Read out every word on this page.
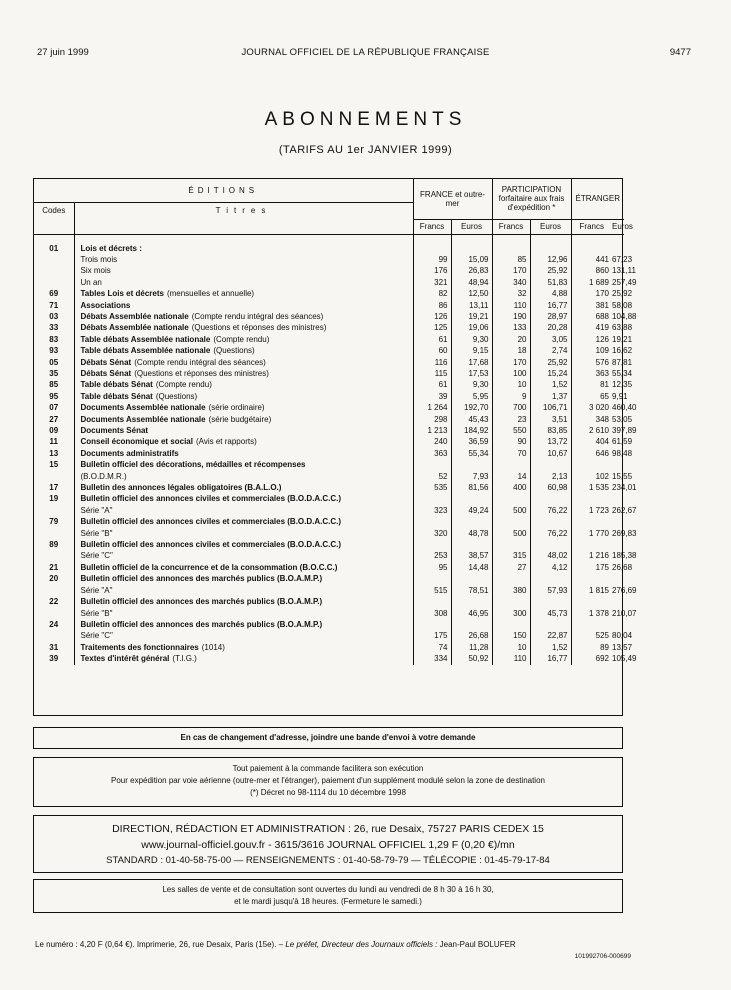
27 juin 1999	JOURNAL OFFICIEL DE LA RÉPUBLIQUE FRANÇAISE	9477
ABONNEMENTS
(TARIFS AU 1er JANVIER 1999)
ÉDITIONS		FRANCE et outre-mer		PARTICIPATION forfaitaire aux frais d'expédition *		ÉTRANGER		
Codes	Titres							
		Francs	Euros	Francs	Euros	Francs	Euros	
01	Lois et décrets :							
	Trois mois	99	15,09	85	12,96	441	67,23	
	Six mois	176	26,83	170	25,92	860	131,11	
	Un an	321	48,94	340	51,83	1 689	257,49	
69	Tables Lois et décrets (mensuelles et annuelle)	82	12,50	32	4,88	170	25,92	
71	Associations	86	13,11	110	16,77	381	58,08	
03	Débats Assemblée nationale (Compte rendu intégral des séances)	126	19,21	190	28,97	688	104,88	
33	Débats Assemblée nationale (Questions et réponses des ministres)	125	19,06	133	20,28	419	63,88	
83	Table débats Assemblée nationale (Compte rendu)	61	9,30	20	3,05	126	19,21	
93	Table débats Assemblée nationale (Questions)	60	9,15	18	2,74	109	16,62	
05	Débats Sénat (Compte rendu intégral des séances)	116	17,68	170	25,92	576	87,81	
35	Débats Sénat (Questions et réponses des ministres)	115	17,53	100	15,24	363	55,34	
85	Table débats Sénat (Compte rendu)	61	9,30	10	1,52	81	12,35	
95	Table débats Sénat (Questions)	39	5,95	9	1,37	65	9,91	
07	Documents Assemblée nationale (série ordinaire)	1 264	192,70	700	106,71	3 020	460,40	
27	Documents Assemblée nationale (série budgétaire)	298	45,43	23	3,51	348	53,05	
09	Documents Sénat	1 213	184,92	550	83,85	2 610	397,89	
11	Conseil économique et social (Avis et rapports)	240	36,59	90	13,72	404	61,59	
13	Documents administratifs	363	55,34	70	10,67	646	98,48	
15	Bulletin officiel des décorations, médailles et récompenses							
	(B.O.D.M.R.)	52	7,93	14	2,13	102	15,55	
17	Bulletin des annonces légales obligatoires (B.A.L.O.)	535	81,56	400	60,98	1 535	234,01	
19	Bulletin officiel des annonces civiles et commerciales (B.O.D.A.C.C.)							
	Série "A"	323	49,24	500	76,22	1 723	262,67	
79	Bulletin officiel des annonces civiles et commerciales (B.O.D.A.C.C.)							
	Série "B"	320	48,78	500	76,22	1 770	269,83	
89	Bulletin officiel des annonces civiles et commerciales (B.O.D.A.C.C.)							
	Série "C"	253	38,57	315	48,02	1 216	185,38	
21	Bulletin officiel de la concurrence et de la consommation (B.O.C.C.)	95	14,48	27	4,12	175	26,68	
20	Bulletin officiel des annonces des marchés publics (B.O.A.M.P.)							
	Série "A"	515	78,51	380	57,93	1 815	276,69	
22	Bulletin officiel des annonces des marchés publics (B.O.A.M.P.)							
	Série "B"	308	46,95	300	45,73	1 378	210,07	
24	Bulletin officiel des annonces des marchés publics (B.O.A.M.P.)							
	Série "C"	175	26,68	150	22,87	525	80,04	
31	Traitements des fonctionnaires (1014)	74	11,28	10	1,52	89	13,57	
39	Textes d'intérêt général (T.I.G.)	334	50,92	110	16,77	692	105,49	
En cas de changement d'adresse, joindre une bande d'envoi à votre demande
Tout paiement à la commande facilitera son exécution
Pour expédition par voie aérienne (outre-mer et l'étranger), paiement d'un supplément modulé selon la zone de destination
(*) Décret no 98-1114 du 10 décembre 1998
DIRECTION, RÉDACTION ET ADMINISTRATION : 26, rue Desaix, 75727 PARIS CEDEX 15
www.journal-officiel.gouv.fr - 3615/3616 JOURNAL OFFICIEL 1,29 F (0,20 €)/mn
STANDARD : 01-40-58-75-00 — RENSEIGNEMENTS : 01-40-58-79-79 — TÉLÉCOPIE : 01-45-79-17-84
Les salles de vente et de consultation sont ouvertes du lundi au vendredi de 8 h 30 à 16 h 30,
et le mardi jusqu'à 18 heures. (Fermeture le samedi.)
Le numéro : 4,20 F (0,64 €). Imprimerie, 26, rue Desaix, Paris (15e). – Le préfet, Directeur des Journaux officiels : Jean-Paul BOLUFER
101992706-000699
